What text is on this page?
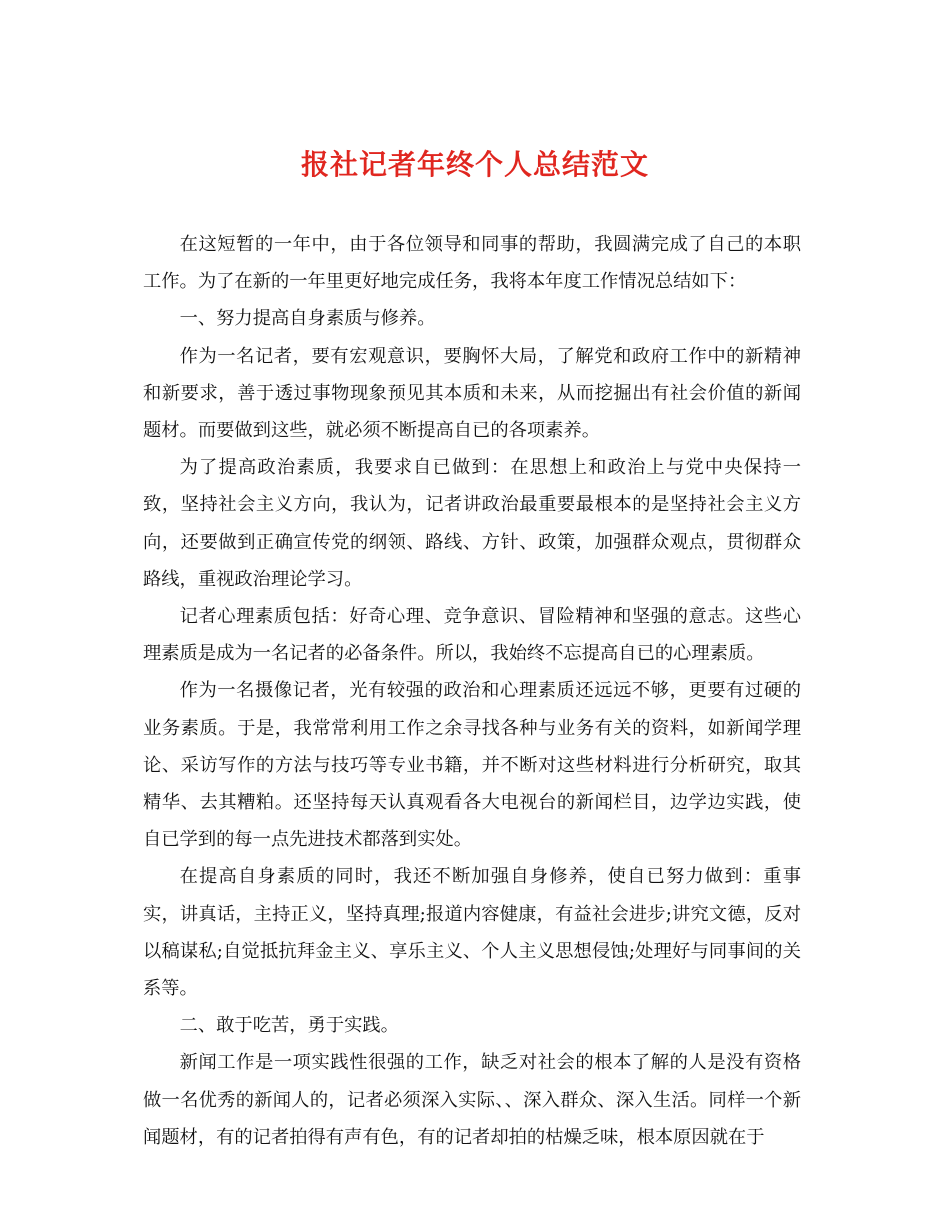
报社记者年终个人总结范文

在这短暂的一年中，由于各位领导和同事的帮助，我圆满完成了自己的本职工作。为了在新的一年里更好地完成任务，我将本年度工作情况总结如下：

一、努力提高自身素质与修养。

作为一名记者，要有宏观意识，要胸怀大局，了解党和政府工作中的新精神和新要求，善于透过事物现象预见其本质和未来，从而挖掘出有社会价值的新闻题材。而要做到这些，就必须不断提高自已的各项素养。

为了提高政治素质，我要求自已做到：在思想上和政治上与党中央保持一致，坚持社会主义方向，我认为，记者讲政治最重要最根本的是坚持社会主义方向，还要做到正确宣传党的纲领、路线、方针、政策，加强群众观点，贯彻群众路线，重视政治理论学习。

记者心理素质包括：好奇心理、竞争意识、冒险精神和坚强的意志。这些心理素质是成为一名记者的必备条件。所以，我始终不忘提高自已的心理素质。

作为一名摄像记者，光有较强的政治和心理素质还远远不够，更要有过硬的业务素质。于是，我常常利用工作之余寻找各种与业务有关的资料，如新闻学理论、采访写作的方法与技巧等专业书籍，并不断对这些材料进行分析研究，取其精华、去其糟粕。还坚持每天认真观看各大电视台的新闻栏目，边学边实践，使自已学到的每一点先进技术都落到实处。

在提高自身素质的同时，我还不断加强自身修养，使自已努力做到：重事实，讲真话，主持正义，坚持真理;报道内容健康，有益社会进步;讲究文德，反对以稿谋私;自觉抵抗拜金主义、享乐主义、个人主义思想侵蚀;处理好与同事间的关系等。

二、敢于吃苦，勇于实践。

新闻工作是一项实践性很强的工作，缺乏对社会的根本了解的人是没有资格做一名优秀的新闻人的，记者必须深入实际、、深入群众、深入生活。同样一个新闻题材，有的记者拍得有声有色，有的记者却拍的枯燥乏味，根本原因就在于
